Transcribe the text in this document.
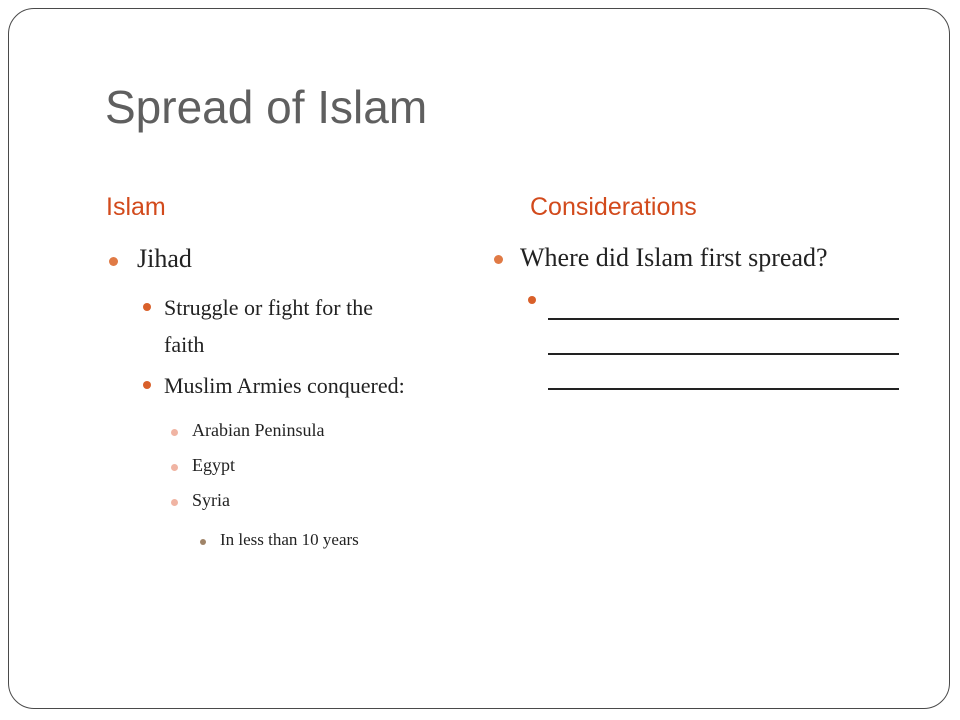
Spread of Islam
Islam	Considerations
Jihad
Struggle or fight for the
faith
Muslim Armies conquered:
Arabian Peninsula
Egypt
Syria
In less than 10 years
Where did Islam first spread?
